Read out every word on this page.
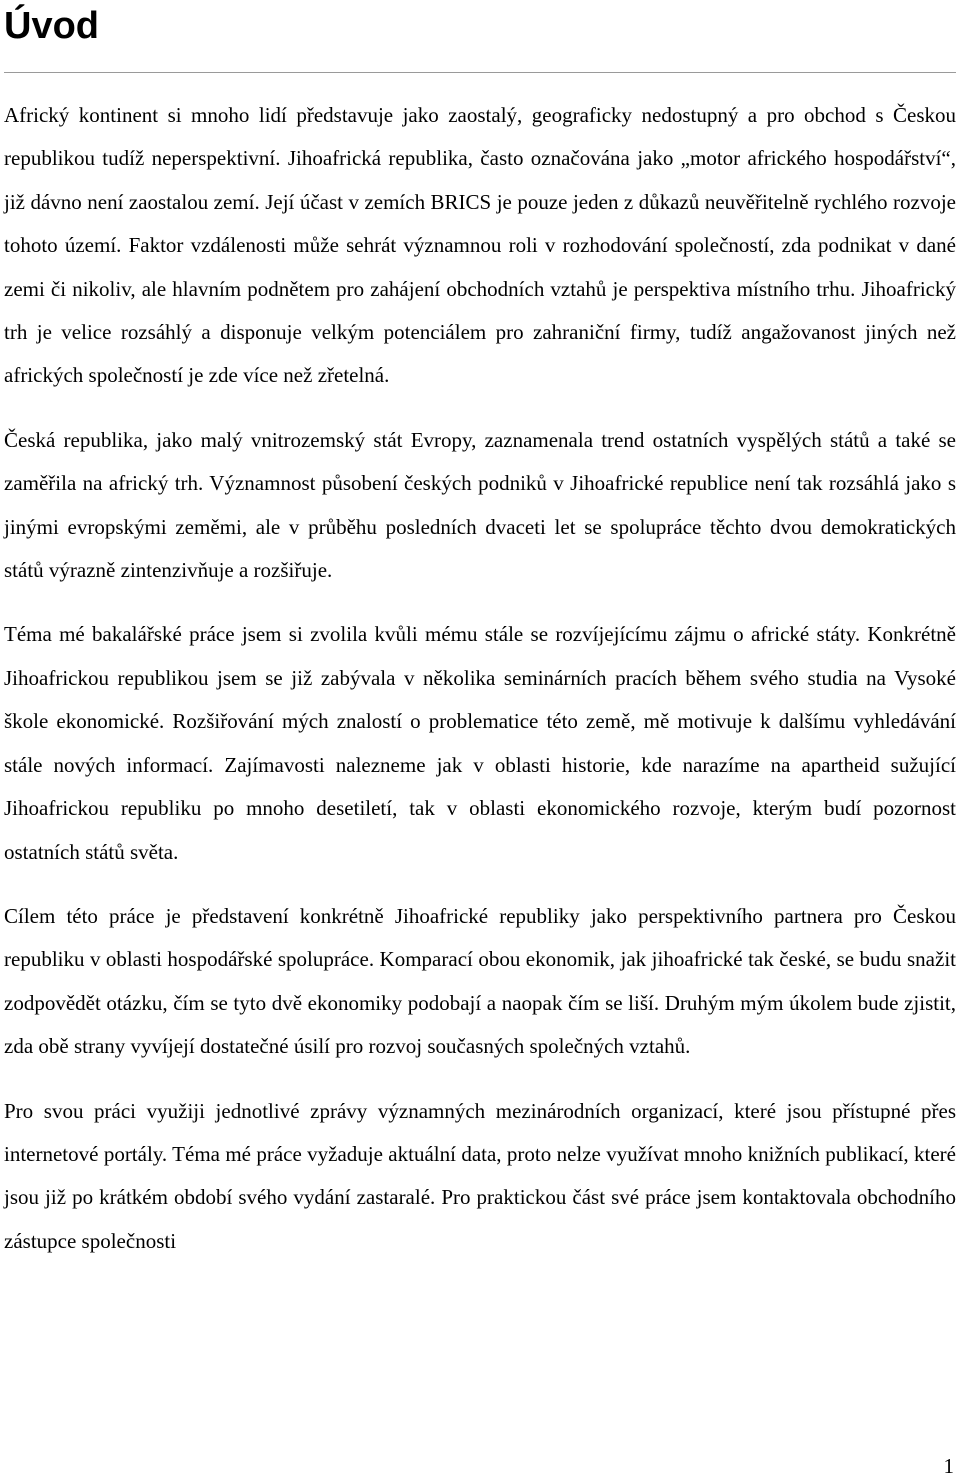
Úvod

Africký kontinent si mnoho lidí představuje jako zaostalý, geograficky nedostupný a pro obchod s Českou republikou tudíž neperspektivní. Jihoafrická republika, často označována jako „motor afrického hospodářství“, již dávno není zaostalou zemí. Její účast v zemích BRICS je pouze jeden z důkazů neuvěřitelně rychlého rozvoje tohoto území. Faktor vzdálenosti může sehrát významnou roli v rozhodování společností, zda podnikat v dané zemi či nikoliv, ale hlavním podnětem pro zahájení obchodních vztahů je perspektiva místního trhu. Jihoafrický trh je velice rozsáhlý a disponuje velkým potenciálem pro zahraniční firmy, tudíž angažovanost jiných než afrických společností je zde více než zřetelná.

Česká republika, jako malý vnitrozemský stát Evropy, zaznamenala trend ostatních vyspělých států a také se zaměřila na africký trh. Významnost působení českých podniků v Jihoafrické republice není tak rozsáhlá jako s jinými evropskými zeměmi, ale v průběhu posledních dvaceti let se spolupráce těchto dvou demokratických států výrazně zintenzivňuje a rozšiřuje.

Téma mé bakalářské práce jsem si zvolila kvůli mému stále se rozvíjejícímu zájmu o africké státy. Konkrétně Jihoafrickou republikou jsem se již zabývala v několika seminárních pracích během svého studia na Vysoké škole ekonomické. Rozšiřování mých znalostí o problematice této země, mě motivuje k dalšímu vyhledávání stále nových informací. Zajímavosti nalezneme jak v oblasti historie, kde narazíme na apartheid sužující Jihoafrickou republiku po mnoho desetiletí, tak v oblasti ekonomického rozvoje, kterým budí pozornost ostatních států světa.

Cílem této práce je představení konkrétně Jihoafrické republiky jako perspektivního partnera pro Českou republiku v oblasti hospodářské spolupráce. Komparací obou ekonomik, jak jihoafrické tak české, se budu snažit zodpovědět otázku, čím se tyto dvě ekonomiky podobají a naopak čím se liší. Druhým mým úkolem bude zjistit, zda obě strany vyvíjejí dostatečné úsilí pro rozvoj současných společných vztahů.

Pro svou práci využiji jednotlivé zprávy významných mezinárodních organizací, které jsou přístupné přes internetové portály. Téma mé práce vyžaduje aktuální data, proto nelze využívat mnoho knižních publikací, které jsou již po krátkém období svého vydání zastaralé. Pro praktickou část své práce jsem kontaktovala obchodního zástupce společnosti

1
